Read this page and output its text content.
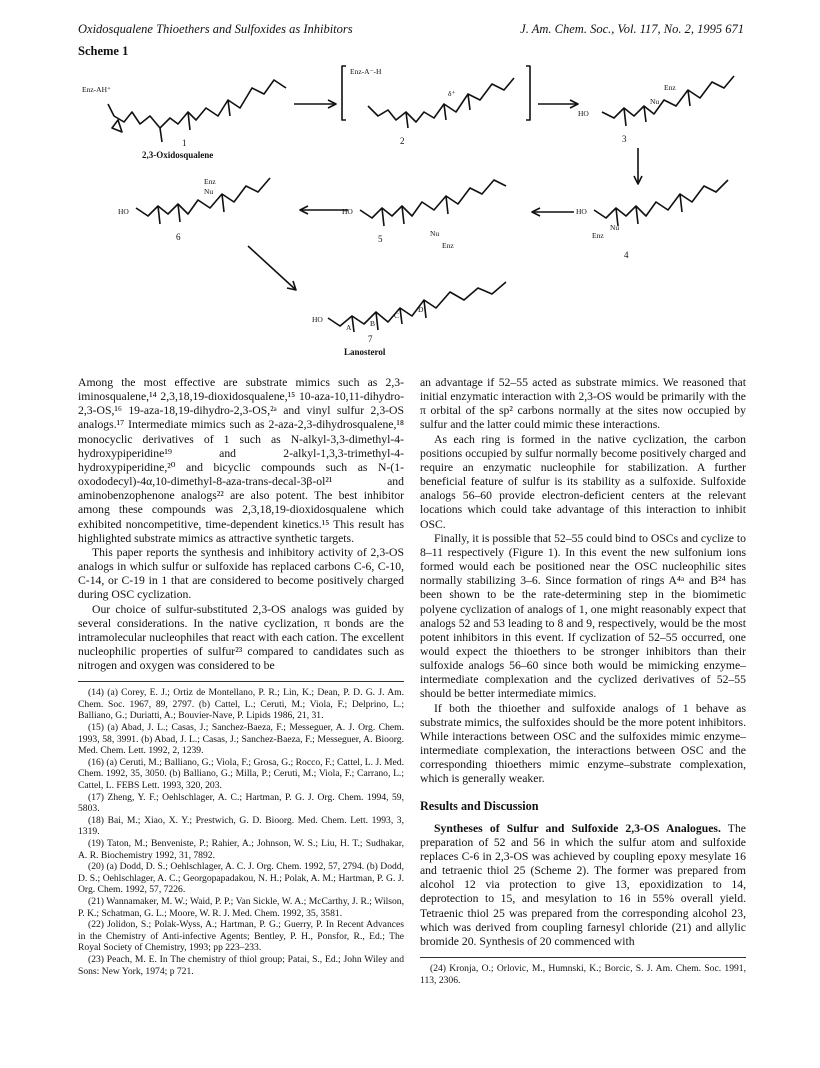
Oxidosqualene Thioethers and Sulfoxides as Inhibitors	J. Am. Chem. Soc., Vol. 117, No. 2, 1995 671
Scheme 1
Enz-AH⁺
Enz-A⁻-H
δ⁺
HO
Enz
Nu
HO
Enz
Nu
HO
Nu
Enz
HO
Enz
Nu
HO
A B
C
D
1
2,3-Oxidosqualene
2	3
4
5
6
7
Lanosterol

Among the most effective are substrate mimics such as 2,3-iminosqualene,¹⁴ 2,3,18,19-dioxidosqualene,¹⁵ 10-aza-10,11-dihydro-2,3-OS,¹⁶ 19-aza-18,19-dihydro-2,3-OS,²ᵃ and vinyl sulfur 2,3-OS analogs.¹⁷ Intermediate mimics such as 2-aza-2,3-dihydrosqualene,¹⁸ monocyclic derivatives of 1 such as N-alkyl-3,3-dimethyl-4-hydroxypiperidine¹⁹ and 2-alkyl-1,3,3-trimethyl-4-hydroxypiperidine,²⁰ and bicyclic compounds such as N-(1-oxododecyl)-4α,10-dimethyl-8-aza-trans-decal-3β-ol²¹ and aminobenzophenone analogs²² are also potent. The best inhibitor among these compounds was 2,3,18,19-dioxidosqualene which exhibited noncompetitive, time-dependent kinetics.¹⁵ This result has highlighted substrate mimics as attractive synthetic targets.

This paper reports the synthesis and inhibitory activity of 2,3-OS analogs in which sulfur or sulfoxide has replaced carbons C-6, C-10, C-14, or C-19 in 1 that are considered to become positively charged during OSC cyclization.

Our choice of sulfur-substituted 2,3-OS analogs was guided by several considerations. In the native cyclization, π bonds are the intramolecular nucleophiles that react with each cation. The excellent nucleophilic properties of sulfur²³ compared to candidates such as nitrogen and oxygen was considered to be

(14) (a) Corey, E. J.; Ortiz de Montellano, P. R.; Lin, K.; Dean, P. D. G. J. Am. Chem. Soc. 1967, 89, 2797. (b) Cattel, L.; Ceruti, M.; Viola, F.; Delprino, L.; Balliano, G.; Duriatti, A.; Bouvier-Nave, P. Lipids 1986, 21, 31.
(15) (a) Abad, J. L.; Casas, J.; Sanchez-Baeza, F.; Messeguer, A. J. Org. Chem. 1993, 58, 3991. (b) Abad, J. L.; Casas, J.; Sanchez-Baeza, F.; Messeguer, A. Bioorg. Med. Chem. Lett. 1992, 2, 1239.
(16) (a) Ceruti, M.; Balliano, G.; Viola, F.; Grosa, G.; Rocco, F.; Cattel, L. J. Med. Chem. 1992, 35, 3050. (b) Balliano, G.; Milla, P.; Ceruti, M.; Viola, F.; Carrano, L.; Cattel, L. FEBS Lett. 1993, 320, 203.
(17) Zheng, Y. F.; Oehlschlager, A. C.; Hartman, P. G. J. Org. Chem. 1994, 59, 5803.
(18) Bai, M.; Xiao, X. Y.; Prestwich, G. D. Bioorg. Med. Chem. Lett. 1993, 3, 1319.
(19) Taton, M.; Benveniste, P.; Rahier, A.; Johnson, W. S.; Liu, H. T.; Sudhakar, A. R. Biochemistry 1992, 31, 7892.
(20) (a) Dodd, D. S.; Oehlschlager, A. C. J. Org. Chem. 1992, 57, 2794. (b) Dodd, D. S.; Oehlschlager, A. C.; Georgopapadakou, N. H.; Polak, A. M.; Hartman, P. G. J. Org. Chem. 1992, 57, 7226.
(21) Wannamaker, M. W.; Waid, P. P.; Van Sickle, W. A.; McCarthy, J. R.; Wilson, P. K.; Schatman, G. L.; Moore, W. R. J. Med. Chem. 1992, 35, 3581.
(22) Jolidon, S.; Polak-Wyss, A.; Hartman, P. G.; Guerry, P. In Recent Advances in the Chemistry of Anti-infective Agents; Bentley, P. H., Ponsfor, R., Ed.; The Royal Society of Chemistry, 1993; pp 223–233.
(23) Peach, M. E. In The chemistry of thiol group; Patai, S., Ed.; John Wiley and Sons: New York, 1974; p 721.

an advantage if 52–55 acted as substrate mimics. We reasoned that initial enzymatic interaction with 2,3-OS would be primarily with the π orbital of the sp² carbons normally at the sites now occupied by sulfur and the latter could mimic these interactions.

As each ring is formed in the native cyclization, the carbon positions occupied by sulfur normally become positively charged and require an enzymatic nucleophile for stabilization. A further beneficial feature of sulfur is its stability as a sulfoxide. Sulfoxide analogs 56–60 provide electron-deficient centers at the relevant locations which could take advantage of this interaction to inhibit OSC.

Finally, it is possible that 52–55 could bind to OSCs and cyclize to 8–11 respectively (Figure 1). In this event the new sulfonium ions formed would each be positioned near the OSC nucleophilic sites normally stabilizing 3–6. Since formation of rings A⁴ᵃ and B²⁴ has been shown to be the rate-determining step in the biomimetic polyene cyclization of analogs of 1, one might reasonably expect that analogs 52 and 53 leading to 8 and 9, respectively, would be the most potent inhibitors in this event. If cyclization of 52–55 occurred, one would expect the thioethers to be stronger inhibitors than their sulfoxide analogs 56–60 since both would be mimicking enzyme–intermediate complexation and the cyclized derivatives of 52–55 should be better intermediate mimics.

If both the thioether and sulfoxide analogs of 1 behave as substrate mimics, the sulfoxides should be the more potent inhibitors. While interactions between OSC and the sulfoxides mimic enzyme–intermediate complexation, the interactions between OSC and the corresponding thioethers mimic enzyme–substrate complexation, which is generally weaker.

Results and Discussion

Syntheses of Sulfur and Sulfoxide 2,3-OS Analogues. The preparation of 52 and 56 in which the sulfur atom and sulfoxide replaces C-6 in 2,3-OS was achieved by coupling epoxy mesylate 16 and tetraenic thiol 25 (Scheme 2). The former was prepared from alcohol 12 via protection to give 13, epoxidization to 14, deprotection to 15, and mesylation to 16 in 55% overall yield. Tetraenic thiol 25 was prepared from the corresponding alcohol 23, which was derived from coupling farnesyl chloride (21) and allylic bromide 20. Synthesis of 20 commenced with

(24) Kronja, O.; Orlovic, M., Humnski, K.; Borcic, S. J. Am. Chem. Soc. 1991, 113, 2306.
